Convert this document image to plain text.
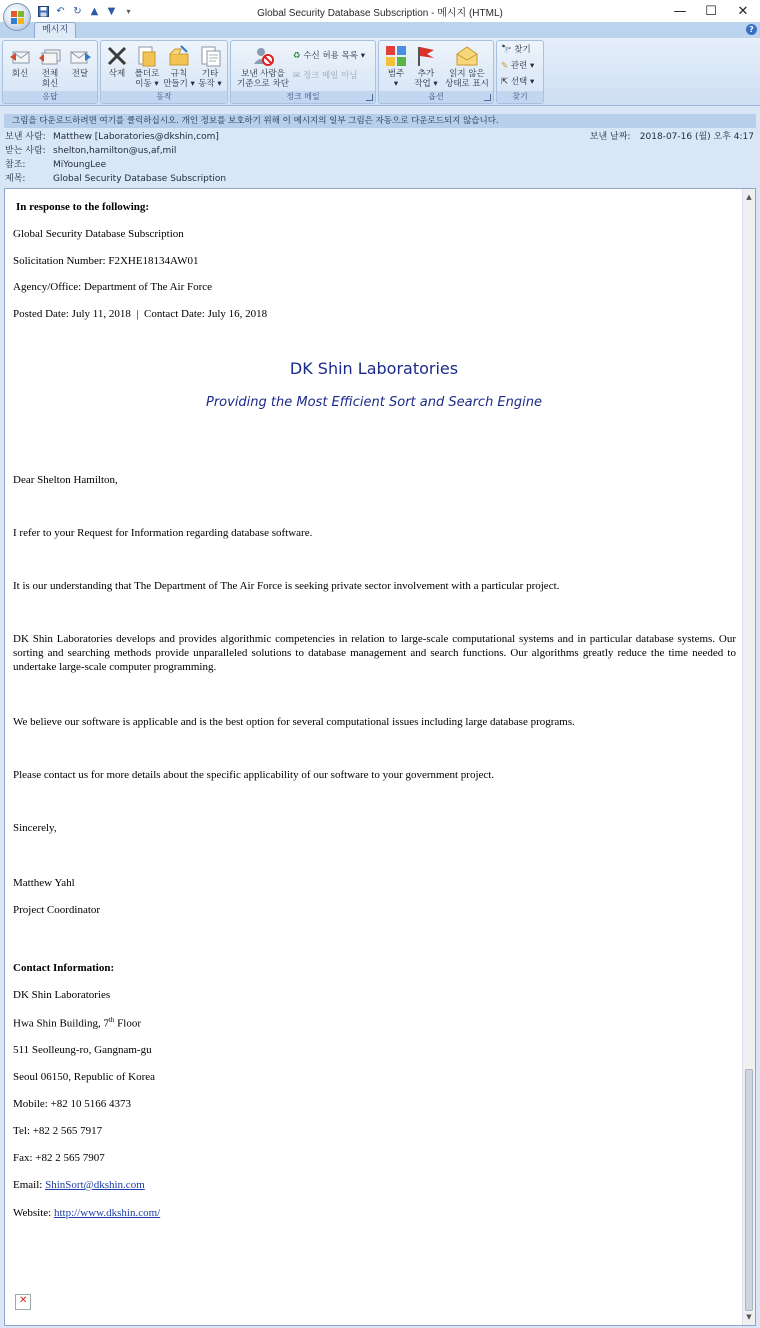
↶ ↻ ▲ ▼	▾	Global Security Database Subscription - 메시지 (HTML)	—	☐	✕
메시지	?
회신	전체
회신
전달
응답
삭제	폴더로
이동 ▾
규칙
만들기 ▾
기타
동작 ▾
동작
보낸 사람을
기준으로 차단
♻ 수신 허용 목록 ▾
✉ 정크 메일 아님
정크 메일
범주
▾
추가
작업 ▾
읽지 않은
상태로 표시
옵션
🔭 찾기
✎ 관련 ▾
⇱ 선택 ▾
찾기
그림을 다운로드하려면 여기를 클릭하십시오. 개인 정보를 보호하기 위해 이 메시지의 일부 그림은 자동으로 다운로드되지 않습니다.
보낸 사람: Matthew [Laboratories@dkshin,com]
받는 사람: shelton,hamilton@us,af,mil
참조:	MiYoungLee
제목:	Global Security Database Subscription
보낸 날짜: 2018-07-16 (월) 오후 4:17
In response to the following:
Global Security Database Subscription
Solicitation Number: F2XHE18134AW01
Agency/Office: Department of The Air Force
Posted Date: July 11, 2018  |  Contact Date: July 16, 2018
DK Shin Laboratories
Providing the Most Efficient Sort and Search Engine
Dear Shelton Hamilton,
I refer to your Request for Information regarding database software.
It is our understanding that The Department of The Air Force is seeking private sector involvement with a particular project.
DK Shin Laboratories develops and provides algorithmic competencies in relation to large-scale computational systems and in particular database systems. Our sorting and searching methods provide unparalleled solutions to database management and search functions. Our algorithms greatly reduce the time needed to undertake large-scale computer programming.
We believe our software is applicable and is the best option for several computational issues including large database programs.
Please contact us for more details about the specific applicability of our software to your government project.
Sincerely,
Matthew Yahl
Project Coordinator
Contact Information:
DK Shin Laboratories
Hwa Shin Building, 7th Floor
511 Seolleung-ro, Gangnam-gu
Seoul 06150, Republic of Korea
Mobile: +82 10 5166 4373
Tel: +82 2 565 7917
Fax: +82 2 565 7907
Email: ShinSort@dkshin.com
Website: http://www.dkshin.com/
✕
▲
▼
